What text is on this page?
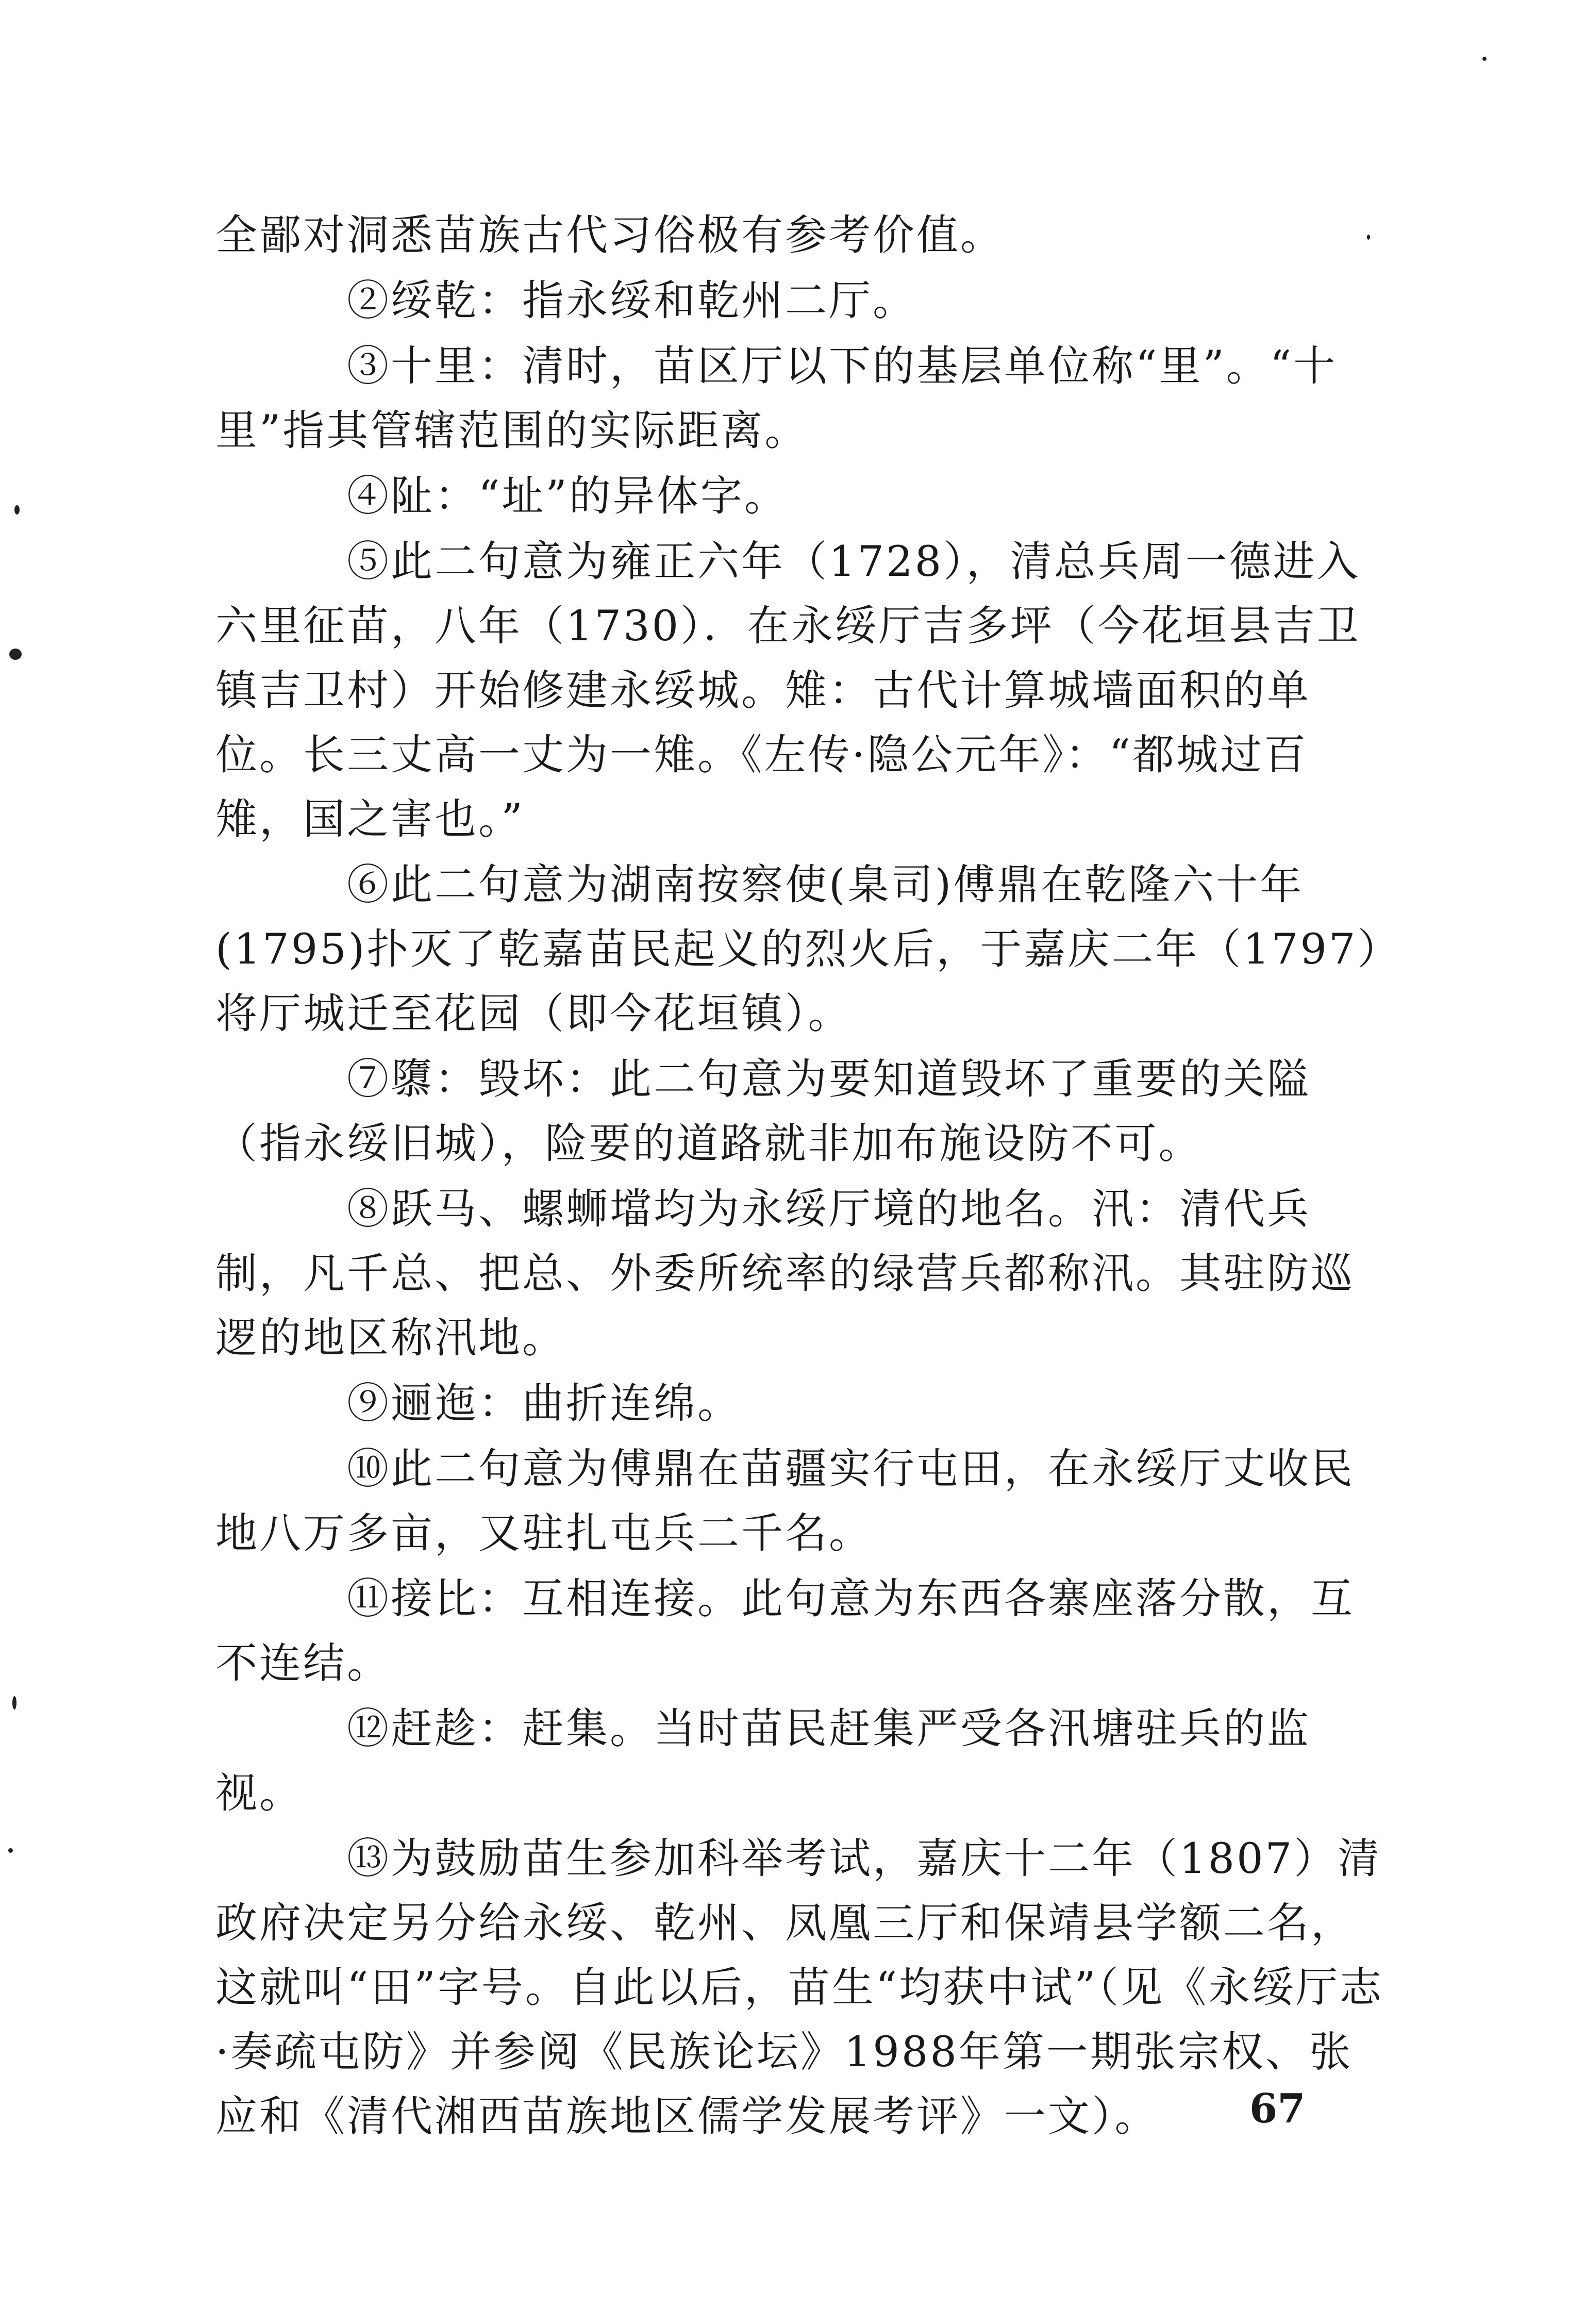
全鄙对洞悉苗族古代习俗极有参考价值。

②绥乾：指永绥和乾州二厅。

③十里：清时，苗区厅以下的基层单位称“里”。“十里”指其管辖范围的实际距离。

④阯：“址”的异体字。

⑤此二句意为雍正六年（1728），清总兵周一德进入六里征苗，八年（1730）．在永绥厅吉多坪（今花垣县吉卫镇吉卫村）开始修建永绥城。雉：古代计算城墙面积的单位。长三丈高一丈为一雉。《左传·隐公元年》：“都城过百雉，国之害也。”

⑥此二句意为湖南按察使(臬司)傅鼎在乾隆六十年(1795)扑灭了乾嘉苗民起义的烈火后，于嘉庆二年（1797）将厅城迁至花园（即今花垣镇）。

⑦隳：毁坏：此二句意为要知道毁坏了重要的关隘（指永绥旧城），险要的道路就非加布施设防不可。

⑧跃马、螺蛳壋均为永绥厅境的地名。汛：清代兵制，凡千总、把总、外委所统率的绿营兵都称汛。其驻防巡逻的地区称汛地。

⑨逦迤：曲折连绵。

⑩此二句意为傅鼎在苗疆实行屯田，在永绥厅丈收民地八万多亩，又驻扎屯兵二千名。

⑪接比：互相连接。此句意为东西各寨座落分散，互不连结。

⑫赶趁：赶集。当时苗民赶集严受各汛塘驻兵的监视。

⑬为鼓励苗生参加科举考试，嘉庆十二年（1807）清政府决定另分给永绥、乾州、凤凰三厅和保靖县学额二名，这就叫“田”字号。自此以后，苗生“均获中试”（见《永绥厅志·奏疏屯防》并参阅《民族论坛》1988年第一期张宗权、张应和《清代湘西苗族地区儒学发展考评》一文）。	67
